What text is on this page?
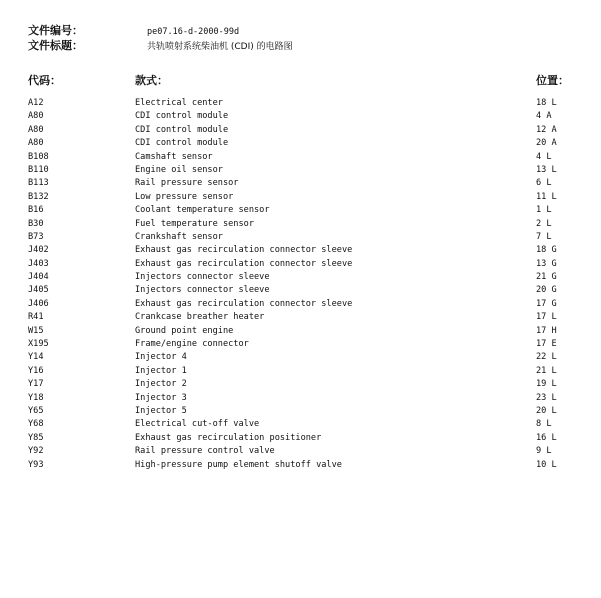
文件编号：	pe07.16-d-2000-99d
文件标题：	共轨喷射系统柴油机 (CDI) 的电路图
代码：	款式：	位置：
A12	Electrical center	18 L
A80	CDI control module	4 A
A80	CDI control module	12 A
A80	CDI control module	20 A
B108	Camshaft sensor	4 L
B110	Engine oil sensor	13 L
B113	Rail pressure sensor	6 L
B132	Low pressure sensor	11 L
B16	Coolant temperature sensor	1 L
B30	Fuel temperature sensor	2 L
B73	Crankshaft sensor	7 L
J402	Exhaust gas recirculation connector sleeve	18 G
J403	Exhaust gas recirculation connector sleeve	13 G
J404	Injectors connector sleeve	21 G
J405	Injectors connector sleeve	20 G
J406	Exhaust gas recirculation connector sleeve	17 G
R41	Crankcase breather heater	17 L
W15	Ground point engine	17 H
X195	Frame/engine connector	17 E
Y14	Injector 4	22 L
Y16	Injector 1	21 L
Y17	Injector 2	19 L
Y18	Injector 3	23 L
Y65	Injector 5	20 L
Y68	Electrical cut-off valve	8 L
Y85	Exhaust gas recirculation positioner	16 L
Y92	Rail pressure control valve	9 L
Y93	High-pressure pump element shutoff valve	10 L
